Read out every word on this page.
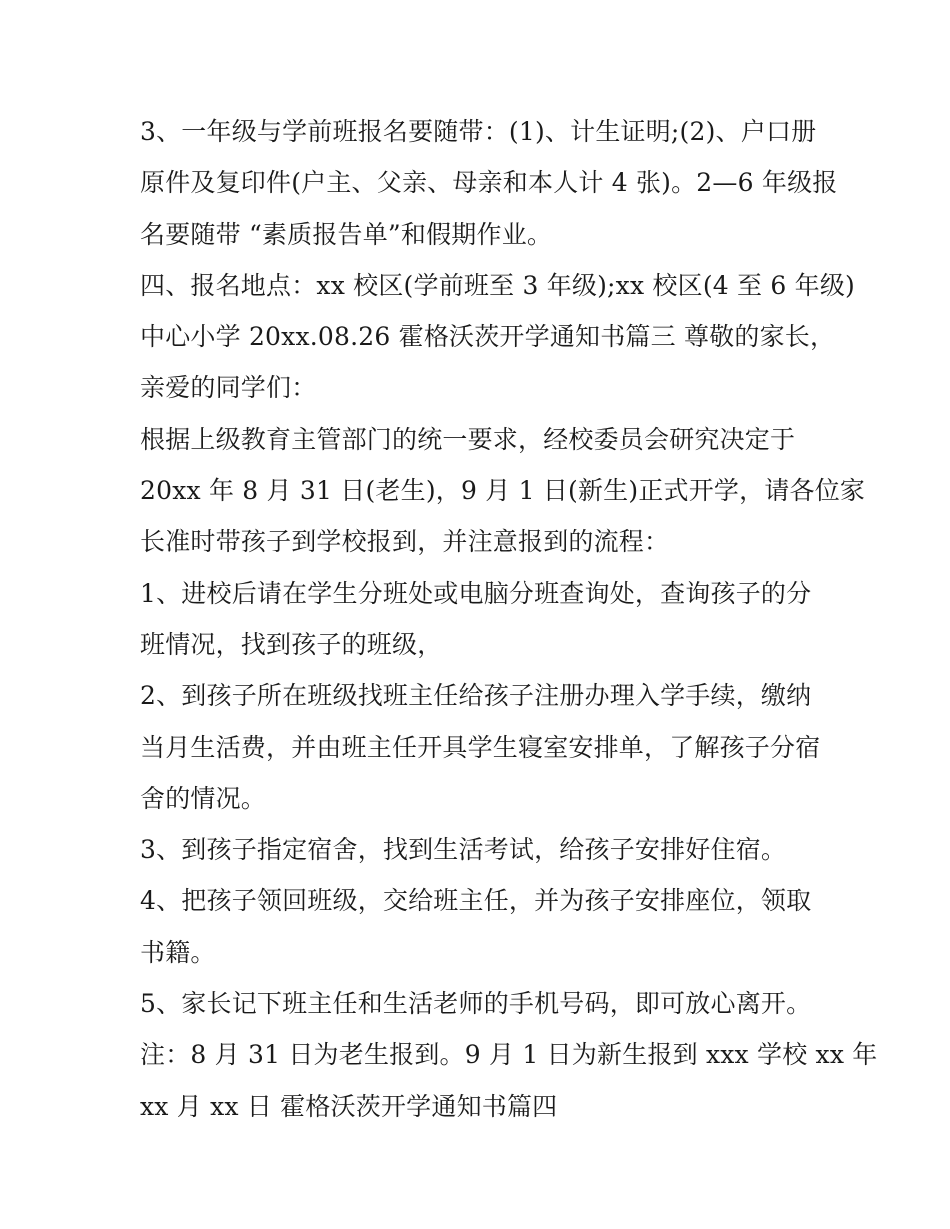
3、一年级与学前班报名要随带：(1)、计生证明;(2)、户口册
原件及复印件(户主、父亲、母亲和本人计 4 张)。2—6 年级报
名要随带 “素质报告单”和假期作业。
四、报名地点：xx 校区(学前班至 3 年级);xx 校区(4 至 6 年级)
中心小学 20xx.08.26 霍格沃茨开学通知书篇三 尊敬的家长，
亲爱的同学们：
根据上级教育主管部门的统一要求，经校委员会研究决定于
20xx 年 8 月 31 日(老生)，9 月 1 日(新生)正式开学，请各位家
长准时带孩子到学校报到，并注意报到的流程：
1、进校后请在学生分班处或电脑分班查询处，查询孩子的分
班情况，找到孩子的班级，
2、到孩子所在班级找班主任给孩子注册办理入学手续，缴纳
当月生活费，并由班主任开具学生寝室安排单，了解孩子分宿
舍的情况。
3、到孩子指定宿舍，找到生活考试，给孩子安排好住宿。
4、把孩子领回班级，交给班主任，并为孩子安排座位，领取
书籍。
5、家长记下班主任和生活老师的手机号码，即可放心离开。
注：8 月 31 日为老生报到。9 月 1 日为新生报到 xxx 学校 xx 年
xx 月 xx 日 霍格沃茨开学通知书篇四
